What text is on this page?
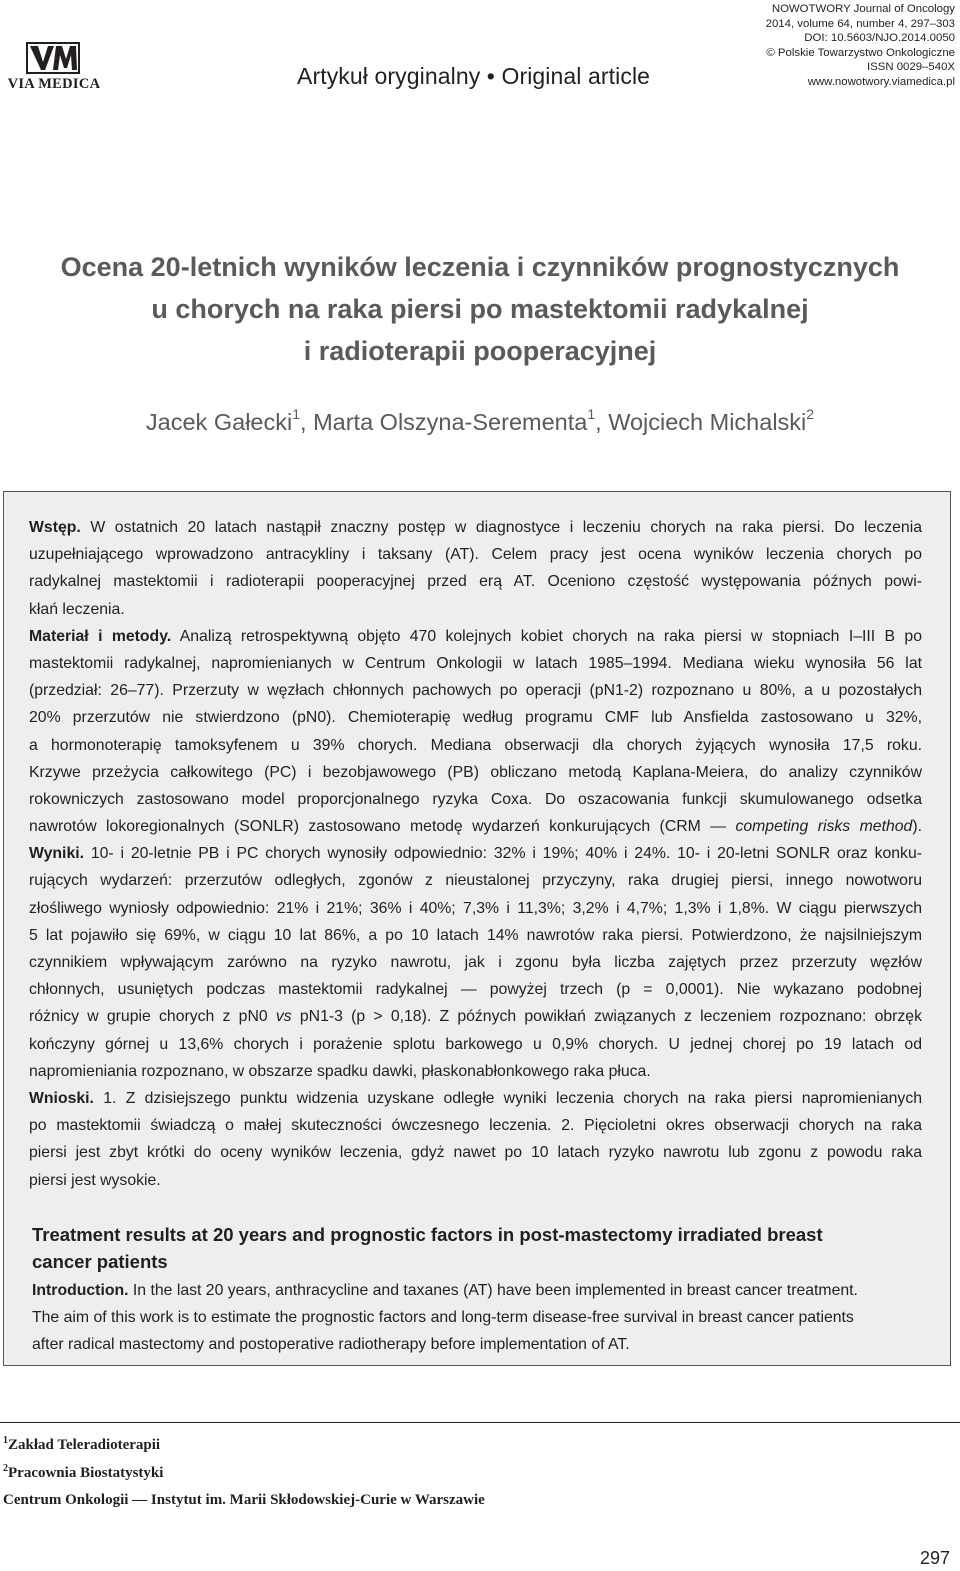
VIA MEDICA	Artykuł oryginalny • Original article
NOWOTWORY Journal of Oncology
2014, volume 64, number 4, 297–303
DOI: 10.5603/NJO.2014.0050
© Polskie Towarzystwo Onkologiczne
ISSN 0029–540X
www.nowotwory.viamedica.pl
Ocena 20-letnich wyników leczenia i czynników prognostycznych
u chorych na raka piersi po mastektomii radykalnej
i radioterapii pooperacyjnej
Jacek Gałecki$^1$, Marta Olszyna-Serementa$^1$, Wojciech Michalski$^2$
Wstęp. W ostatnich 20 latach nastąpił znaczny postęp w diagnostyce i leczeniu chorych na raka piersi. Do leczenia
uzupełniającego wprowadzono antracykliny i taksany (AT). Celem pracy jest ocena wyników leczenia chorych po
radykalnej mastektomii i radioterapii pooperacyjnej przed erą AT. Oceniono częstość występowania późnych powi-
kłań leczenia.
Materiał i metody. Analizą retrospektywną objęto 470 kolejnych kobiet chorych na raka piersi w stopniach I–III B po
mastektomii radykalnej, napromienianych w Centrum Onkologii w latach 1985–1994. Mediana wieku wynosiła 56 lat
(przedział: 26–77). Przerzuty w węzłach chłonnych pachowych po operacji (pN1-2) rozpoznano u 80%, a u pozostałych
20% przerzutów nie stwierdzono (pN0). Chemioterapię według programu CMF lub Ansfielda zastosowano u 32%,
a hormonoterapię tamoksyfenem u 39% chorych. Mediana obserwacji dla chorych żyjących wynosiła 17,5 roku.
Krzywe przeżycia całkowitego (PC) i bezobjawowego (PB) obliczano metodą Kaplana-Meiera, do analizy czynników
rokowniczych zastosowano model proporcjonalnego ryzyka Coxa. Do oszacowania funkcji skumulowanego odsetka
nawrotów lokoregionalnych (SONLR) zastosowano metodę wydarzeń konkurujących (CRM — competing risks method).
Wyniki. 10- i 20-letnie PB i PC chorych wynosiły odpowiednio: 32% i 19%; 40% i 24%. 10- i 20-letni SONLR oraz konku-
rujących wydarzeń: przerzutów odległych, zgonów z nieustalonej przyczyny, raka drugiej piersi, innego nowotworu
złośliwego wyniosły odpowiednio: 21% i 21%; 36% i 40%; 7,3% i 11,3%; 3,2% i 4,7%; 1,3% i 1,8%. W ciągu pierwszych
5 lat pojawiło się 69%, w ciągu 10 lat 86%, a po 10 latach 14% nawrotów raka piersi. Potwierdzono, że najsilniejszym
czynnikiem wpływającym zarówno na ryzyko nawrotu, jak i zgonu była liczba zajętych przez przerzuty węzłów
chłonnych, usuniętych podczas mastektomii radykalnej — powyżej trzech (p = 0,0001). Nie wykazano podobnej
różnicy w grupie chorych z pN0 vs pN1-3 (p > 0,18). Z późnych powikłań związanych z leczeniem rozpoznano: obrzęk
kończyny górnej u 13,6% chorych i porażenie splotu barkowego u 0,9% chorych. U jednej chorej po 19 latach od
napromieniania rozpoznano, w obszarze spadku dawki, płaskonabłonkowego raka płuca.
Wnioski. 1. Z dzisiejszego punktu widzenia uzyskane odległe wyniki leczenia chorych na raka piersi napromienianych
po mastektomii świadczą o małej skuteczności ówczesnego leczenia. 2. Pięcioletni okres obserwacji chorych na raka
piersi jest zbyt krótki do oceny wyników leczenia, gdyż nawet po 10 latach ryzyko nawrotu lub zgonu z powodu raka
piersi jest wysokie.
Treatment results at 20 years and prognostic factors in post-mastectomy irradiated breast
cancer patients
Introduction. In the last 20 years, anthracycline and taxanes (AT) have been implemented in breast cancer treatment.
The aim of this work is to estimate the prognostic factors and long-term disease-free survival in breast cancer patients
after radical mastectomy and postoperative radiotherapy before implementation of AT.
$^1$Zakład Teleradioterapii
$^2$Pracownia Biostatystyki
Centrum Onkologii — Instytut im. Marii Skłodowskiej-Curie w Warszawie
297
